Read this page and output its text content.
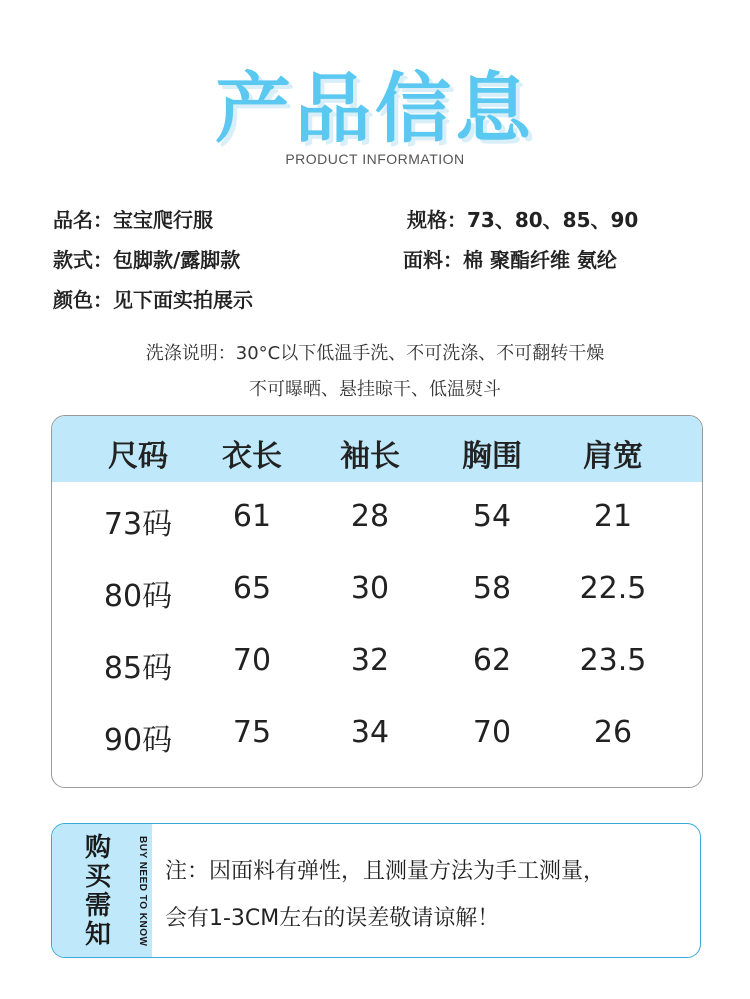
产品信息
PRODUCT INFORMATION
品名：宝宝爬行服	规格：73、80、85、90
款式：包脚款/露脚款	面料：棉 聚酯纤维 氨纶
颜色：见下面实拍展示
洗涤说明：30°C以下低温手洗、不可洗涤、不可翻转干燥
不可曝晒、悬挂晾干、低温熨斗
尺码	衣长	袖长	胸围	肩宽
73码	61	28	54	21
80码	65	30	58	22.5
85码	70	32	62	23.5
90码	75	34	70	26
购买需知	BUY NEED TO KNOW 注：因面料有弹性，且测量方法为手工测量，
会有1-3CM左右的误差敬请谅解！
